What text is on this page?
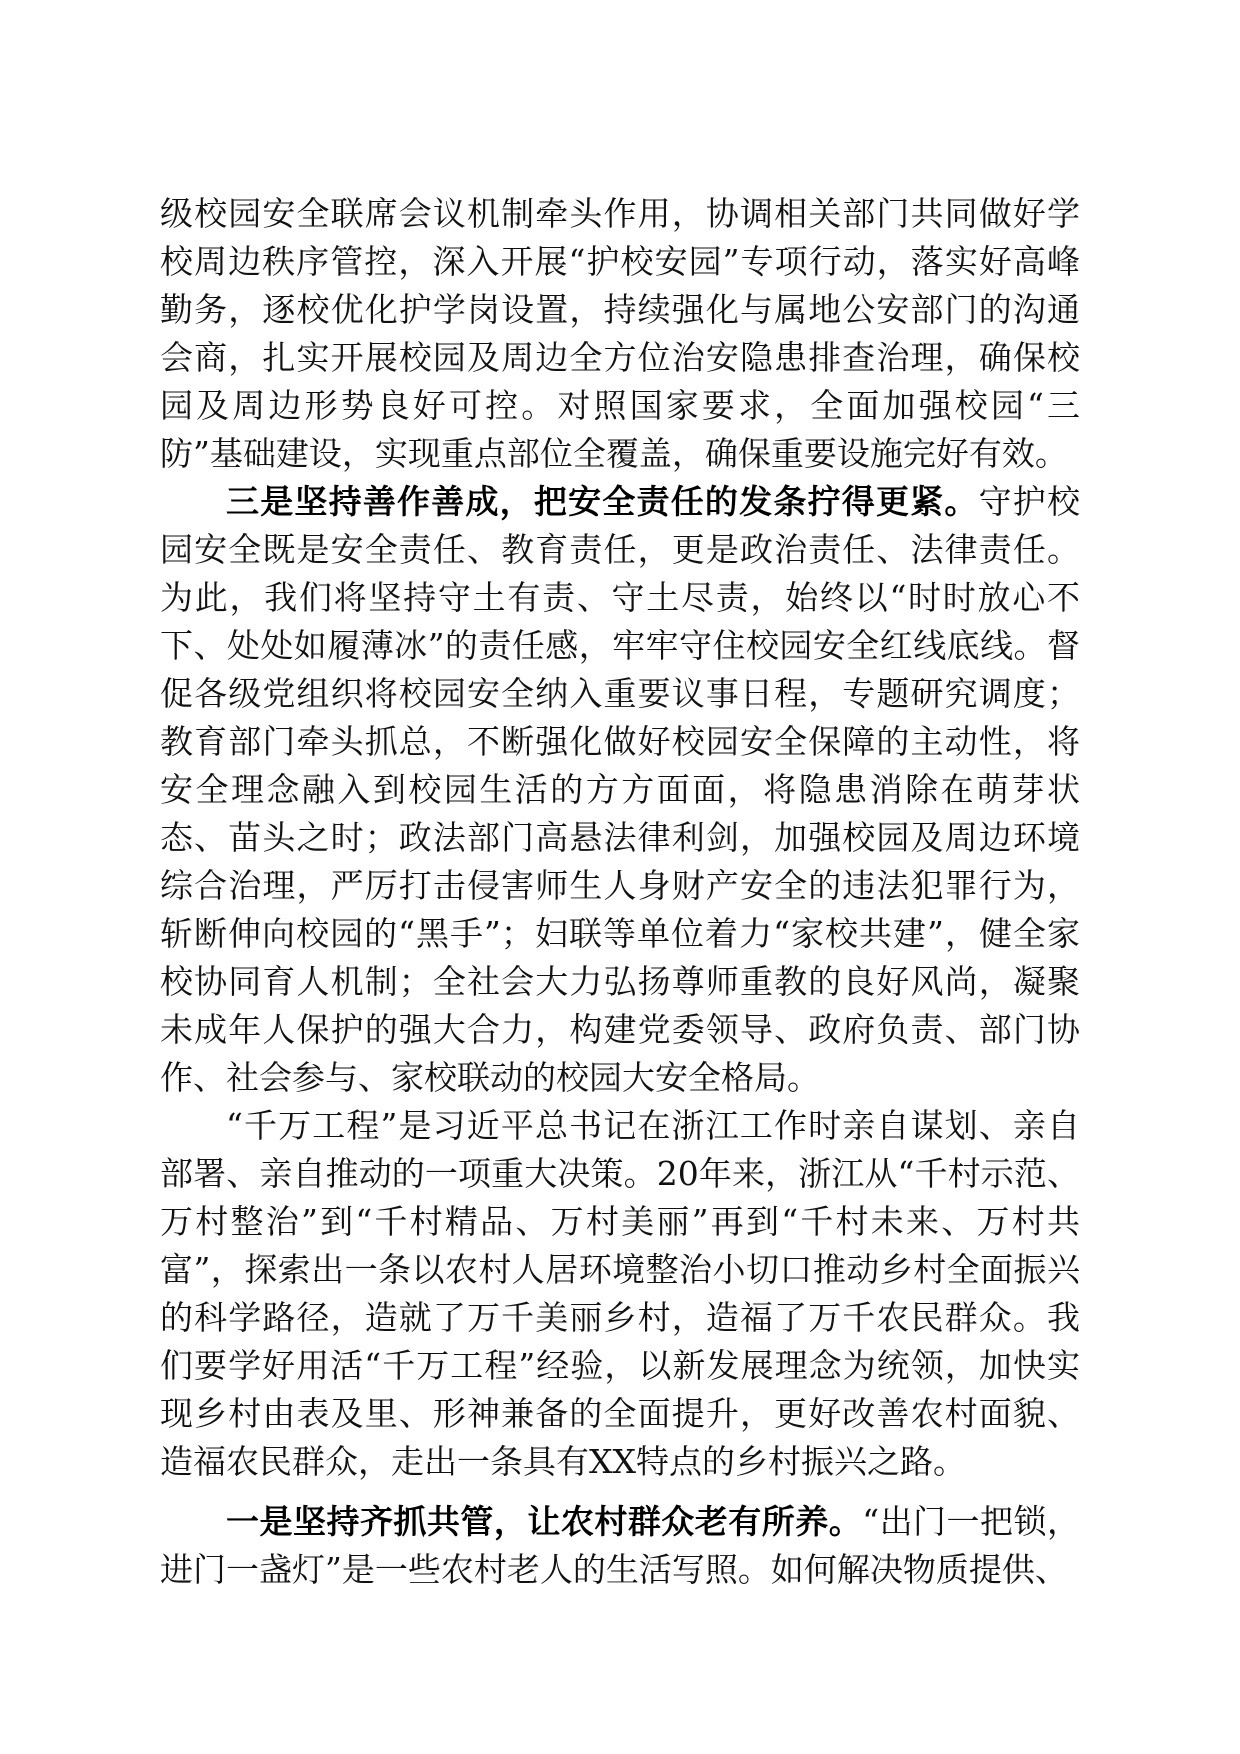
级校园安全联席会议机制牵头作用，协调相关部门共同做好学校周边秩序管控，深入开展“护校安园”专项行动，落实好高峰勤务，逐校优化护学岗设置，持续强化与属地公安部门的沟通会商，扎实开展校园及周边全方位治安隐患排查治理，确保校园及周边形势良好可控。对照国家要求，全面加强校园“三防”基础建设，实现重点部位全覆盖，确保重要设施完好有效。

三是坚持善作善成，把安全责任的发条拧得更紧。守护校园安全既是安全责任、教育责任，更是政治责任、法律责任。为此，我们将坚持守土有责、守土尽责，始终以“时时放心不下、处处如履薄冰”的责任感，牢牢守住校园安全红线底线。督促各级党组织将校园安全纳入重要议事日程，专题研究调度；教育部门牵头抓总，不断强化做好校园安全保障的主动性，将安全理念融入到校园生活的方方面面，将隐患消除在萌芽状态、苗头之时；政法部门高悬法律利剑，加强校园及周边环境综合治理，严厉打击侵害师生人身财产安全的违法犯罪行为，斩断伸向校园的“黑手”；妇联等单位着力“家校共建”，健全家校协同育人机制；全社会大力弘扬尊师重教的良好风尚，凝聚未成年人保护的强大合力，构建党委领导、政府负责、部门协作、社会参与、家校联动的校园大安全格局。

“千万工程”是习近平总书记在浙江工作时亲自谋划、亲自部署、亲自推动的一项重大决策。20年来，浙江从“千村示范、万村整治”到“千村精品、万村美丽”再到“千村未来、万村共富”，探索出一条以农村人居环境整治小切口推动乡村全面振兴的科学路径，造就了万千美丽乡村，造福了万千农民群众。我们要学好用活“千万工程”经验，以新发展理念为统领，加快实现乡村由表及里、形神兼备的全面提升，更好改善农村面貌、造福农民群众，走出一条具有XX特点的乡村振兴之路。

一是坚持齐抓共管，让农村群众老有所养。“出门一把锁，进门一盏灯”是一些农村老人的生活写照。如何解决物质提供、
